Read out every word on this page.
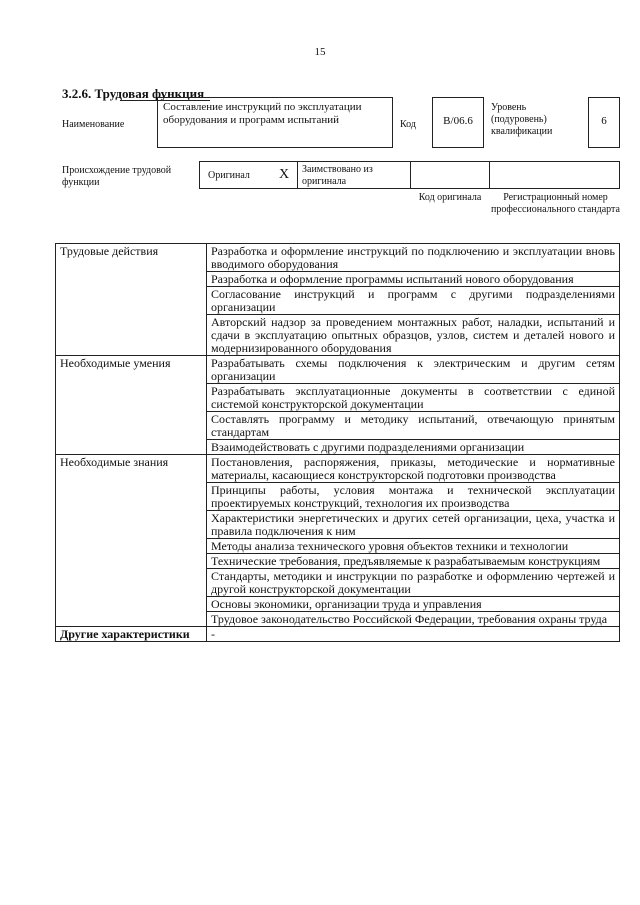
15
3.2.6. Трудовая функция
Наименование
Составление инструкций по эксплуатации оборудования и программ испытаний	Код	B/06.6
Уровень (подуровень) квалификации
6
Происхождение трудовой функции
Оригинал X Заимствовано из оригинала
Код оригинала	Регистрационный номер профессионального стандарта
Трудовые действия	Разработка и оформление инструкций по подключению и эксплуатации вновь вводимого оборудования
	Разработка и оформление программы испытаний нового оборудования
	Согласование инструкций и программ с другими подразделениями организации
	Авторский надзор за проведением монтажных работ, наладки, испытаний и сдачи в эксплуатацию опытных образцов, узлов, систем и деталей нового и модернизированного оборудования
Необходимые умения	Разрабатывать схемы подключения к электрическим и другим сетям организации
	Разрабатывать эксплуатационные документы в соответствии с единой системой конструкторской документации
	Составлять программу и методику испытаний, отвечающую принятым стандартам
	Взаимодействовать с другими подразделениями организации
Необходимые знания	Постановления, распоряжения, приказы, методические и нормативные материалы, касающиеся конструкторской подготовки производства
	Принципы работы, условия монтажа и технической эксплуатации проектируемых конструкций, технология их производства
	Характеристики энергетических и других сетей организации, цеха, участка и правила подключения к ним
	Методы анализа технического уровня объектов техники и технологии
	Технические требования, предъявляемые к разрабатываемым конструкциям
	Стандарты, методики и инструкции по разработке и оформлению чертежей и другой конструкторской документации
	Основы экономики, организации труда и управления
	Трудовое законодательство Российской Федерации, требования охраны труда
Другие характеристики	-
